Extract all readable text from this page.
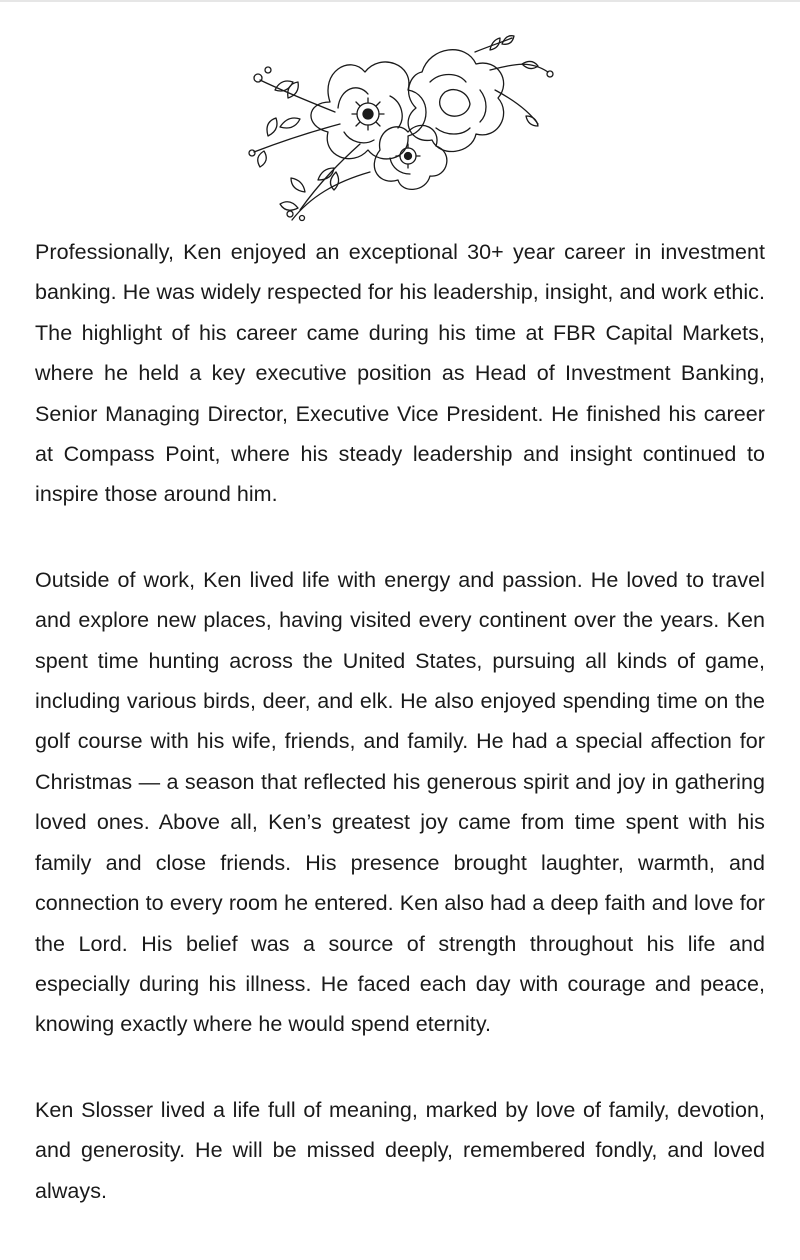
Professionally, Ken enjoyed an exceptional 30+ year career in investment banking. He was widely respected for his leadership, insight, and work ethic. The highlight of his career came during his time at FBR Capital Markets, where he held a key executive position as Head of Investment Banking, Senior Managing Director, Executive Vice President. He finished his career at Compass Point, where his steady leadership and insight continued to inspire those around him.

Outside of work, Ken lived life with energy and passion. He loved to travel and explore new places, having visited every continent over the years. Ken spent time hunting across the United States, pursuing all kinds of game, including various birds, deer, and elk. He also enjoyed spending time on the golf course with his wife, friends, and family. He had a special affection for Christmas — a season that reflected his generous spirit and joy in gathering loved ones. Above all, Ken’s greatest joy came from time spent with his family and close friends. His presence brought laughter, warmth, and connection to every room he entered. Ken also had a deep faith and love for the Lord. His belief was a source of strength throughout his life and especially during his illness. He faced each day with courage and peace, knowing exactly where he would spend eternity.

Ken Slosser lived a life full of meaning, marked by love of family, devotion, and generosity. He will be missed deeply, remembered fondly, and loved always.
